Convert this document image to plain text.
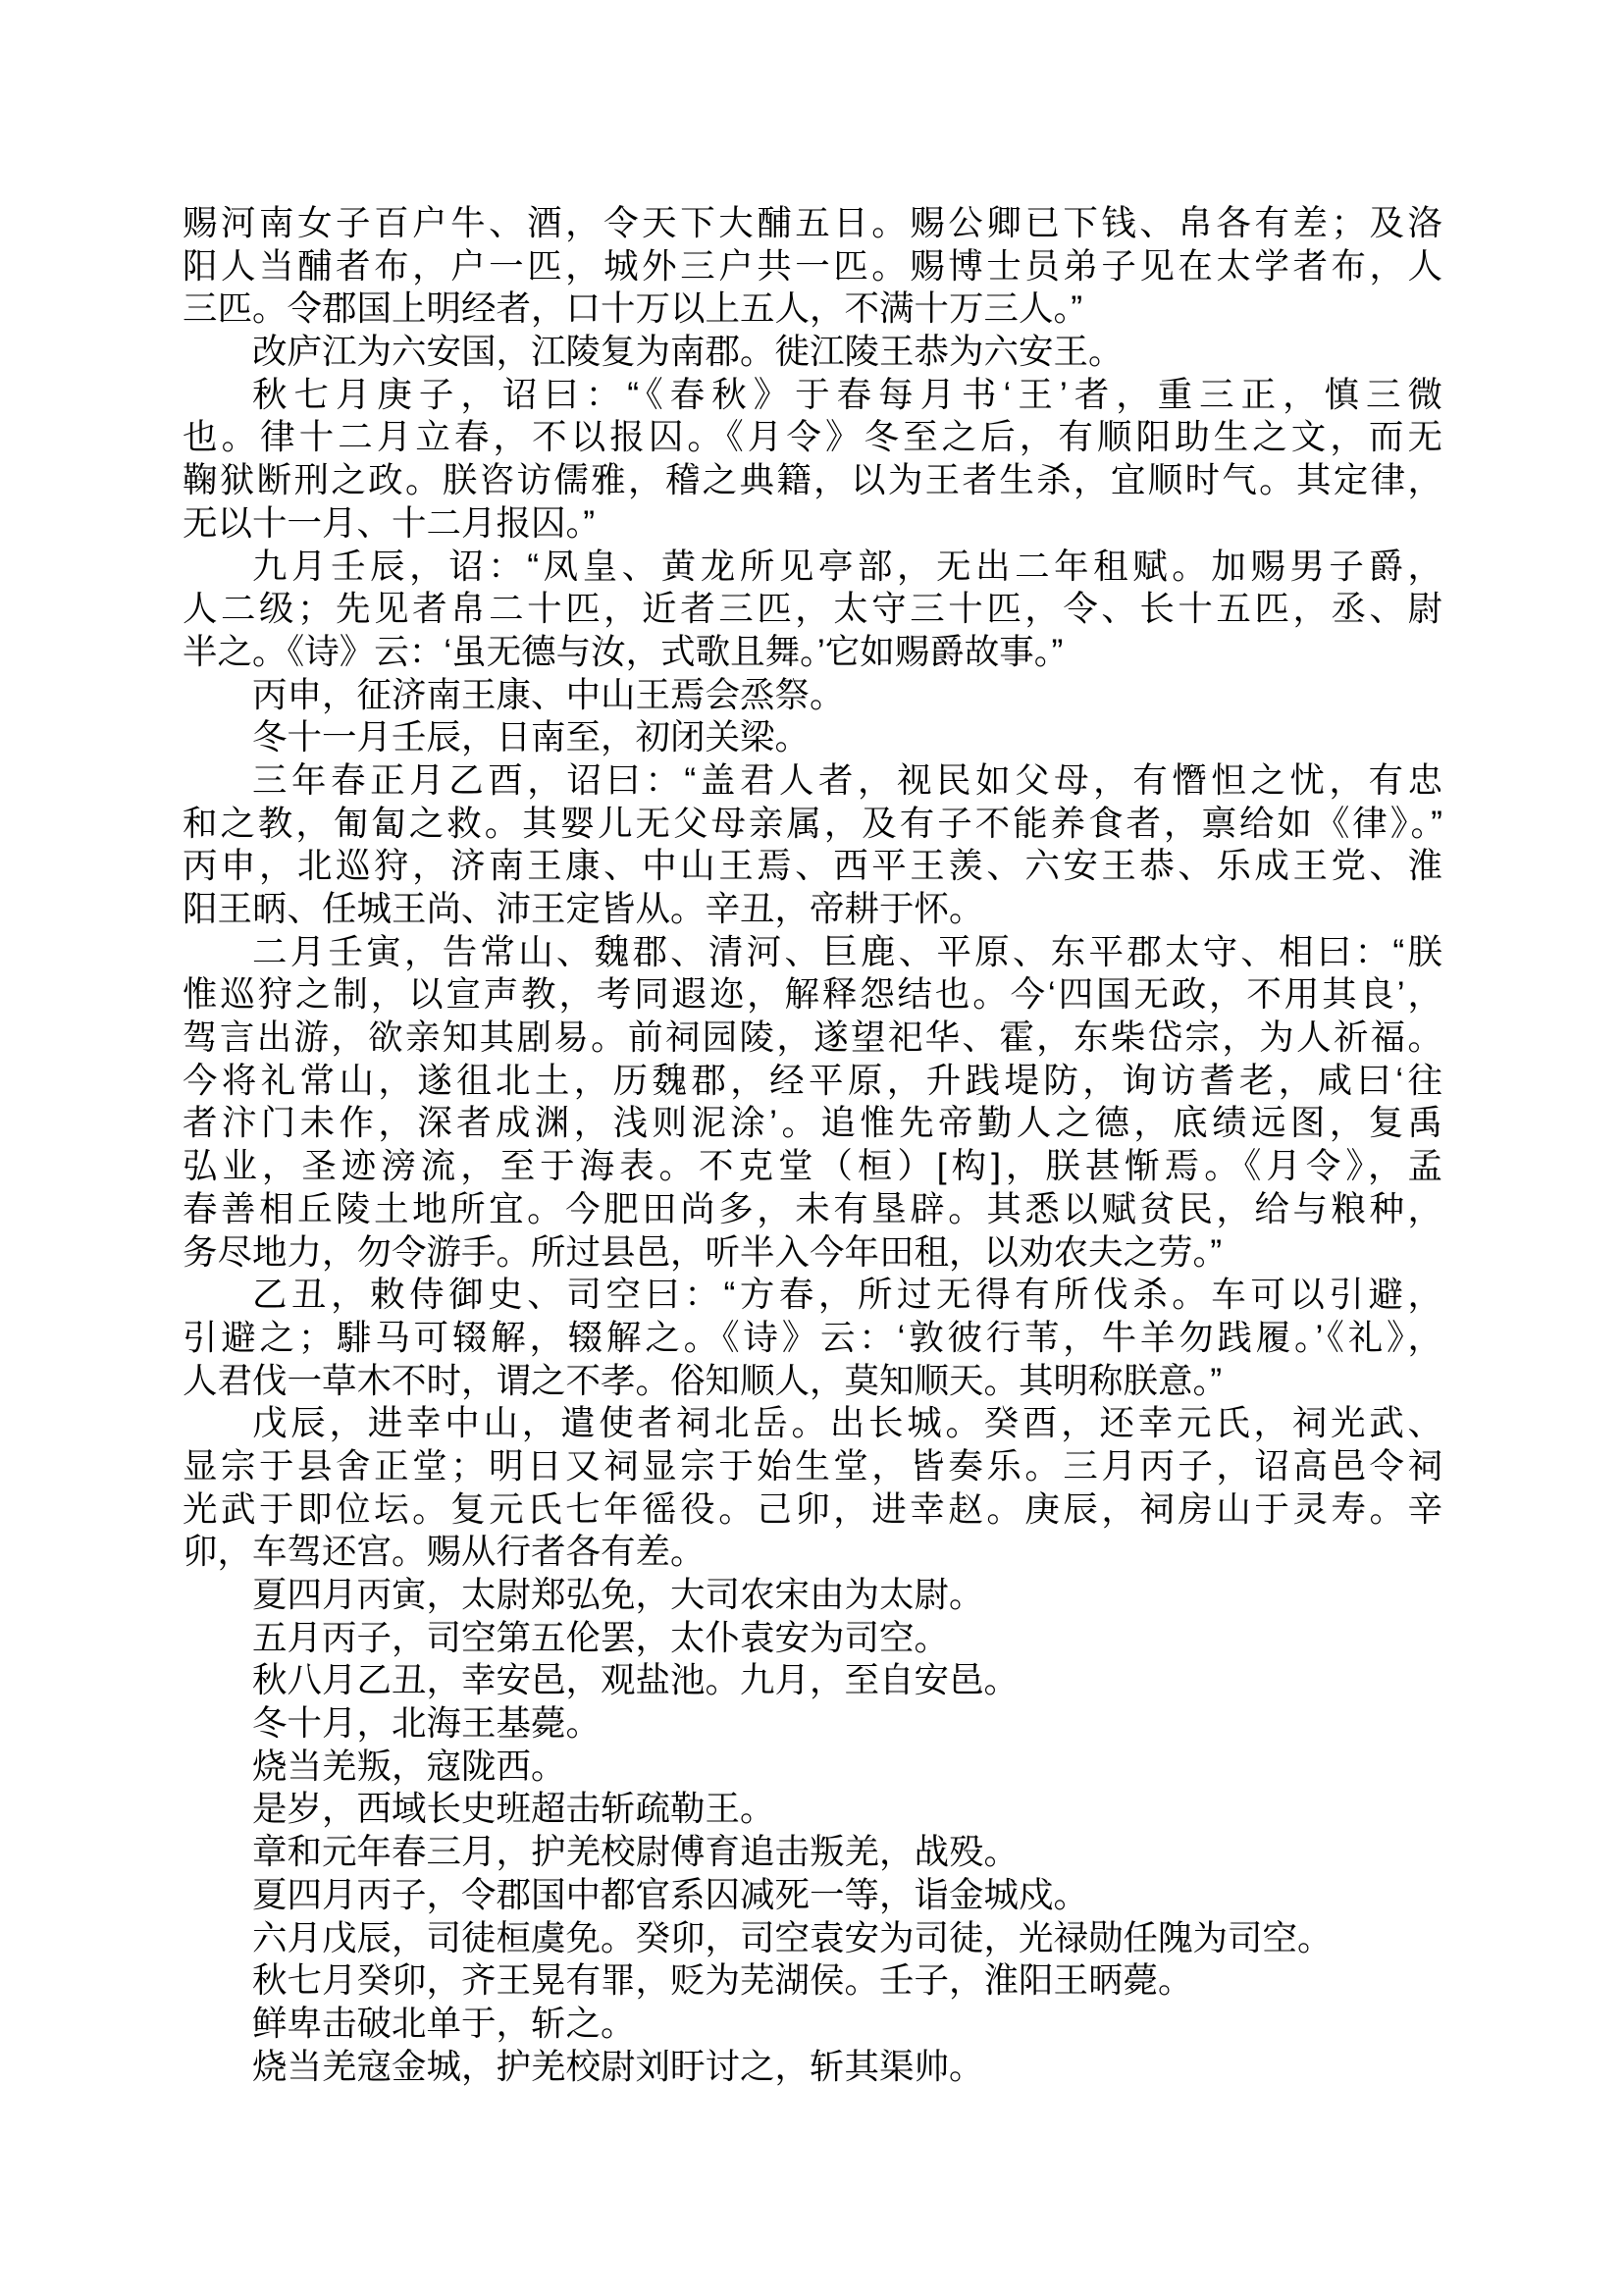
赐河南女子百户牛、酒，令天下大酺五日。赐公卿已下钱、帛各有差；及洛
阳人当酺者布，户一匹，城外三户共一匹。赐博士员弟子见在太学者布，人
三匹。令郡国上明经者，口十万以上五人，不满十万三人。”
改庐江为六安国，江陵复为南郡。徙江陵王恭为六安王。
秋七月庚子，诏曰：“《春秋》于春每月书‘王’者，重三正，慎三微
也。律十二月立春，不以报囚。《月令》冬至之后，有顺阳助生之文，而无
鞠狱断刑之政。朕咨访儒雅，稽之典籍，以为王者生杀，宜顺时气。其定律，
无以十一月、十二月报囚。”
九月壬辰，诏：“凤皇、黄龙所见亭部，无出二年租赋。加赐男子爵，
人二级；先见者帛二十匹，近者三匹，太守三十匹，令、长十五匹，丞、尉
半之。《诗》云：‘虽无德与汝，式歌且舞。’它如赐爵故事。”
丙申，征济南王康、中山王焉会烝祭。
冬十一月壬辰，日南至，初闭关梁。
三年春正月乙酉，诏曰：“盖君人者，视民如父母，有憯怛之忧，有忠
和之教，匍匐之救。其婴儿无父母亲属，及有子不能养食者，禀给如《律》。”
丙申，北巡狩，济南王康、中山王焉、西平王羡、六安王恭、乐成王党、淮
阳王昞、任城王尚、沛王定皆从。辛丑，帝耕于怀。
二月壬寅，告常山、魏郡、清河、巨鹿、平原、东平郡太守、相曰：“朕
惟巡狩之制，以宣声教，考同遐迩，解释怨结也。今‘四国无政，不用其良’，
驾言出游，欲亲知其剧易。前祠园陵，遂望祀华、霍，东柴岱宗，为人祈福。
今将礼常山，遂徂北土，历魏郡，经平原，升践堤防，询访耆老，咸曰‘往
者汴门未作，深者成渊，浅则泥涂’。追惟先帝勤人之德，底绩远图，复禹
弘业，圣迹滂流，至于海表。不克堂（桓）[构]，朕甚惭焉。《月令》，孟
春善相丘陵土地所宜。今肥田尚多，未有垦辟。其悉以赋贫民，给与粮种，
务尽地力，勿令游手。所过县邑，听半入今年田租，以劝农夫之劳。”
乙丑，敕侍御史、司空曰：“方春，所过无得有所伐杀。车可以引避，
引避之；騑马可辍解，辍解之。《诗》云：‘敦彼行苇，牛羊勿践履。’《礼》，
人君伐一草木不时，谓之不孝。俗知顺人，莫知顺天。其明称朕意。”
戊辰，进幸中山，遣使者祠北岳。出长城。癸酉，还幸元氏，祠光武、
显宗于县舍正堂；明日又祠显宗于始生堂，皆奏乐。三月丙子，诏高邑令祠
光武于即位坛。复元氏七年徭役。己卯，进幸赵。庚辰，祠房山于灵寿。辛
卯，车驾还宫。赐从行者各有差。
夏四月丙寅，太尉郑弘免，大司农宋由为太尉。
五月丙子，司空第五伦罢，太仆袁安为司空。
秋八月乙丑，幸安邑，观盐池。九月，至自安邑。
冬十月，北海王基薨。
烧当羌叛，寇陇西。
是岁，西域长史班超击斩疏勒王。
章和元年春三月，护羌校尉傅育追击叛羌，战殁。
夏四月丙子，令郡国中都官系囚减死一等，诣金城戍。
六月戊辰，司徒桓虞免。癸卯，司空袁安为司徒，光禄勋任隗为司空。
秋七月癸卯，齐王晃有罪，贬为芜湖侯。壬子，淮阳王昞薨。
鲜卑击破北单于，斩之。
烧当羌寇金城，护羌校尉刘盱讨之，斩其渠帅。
